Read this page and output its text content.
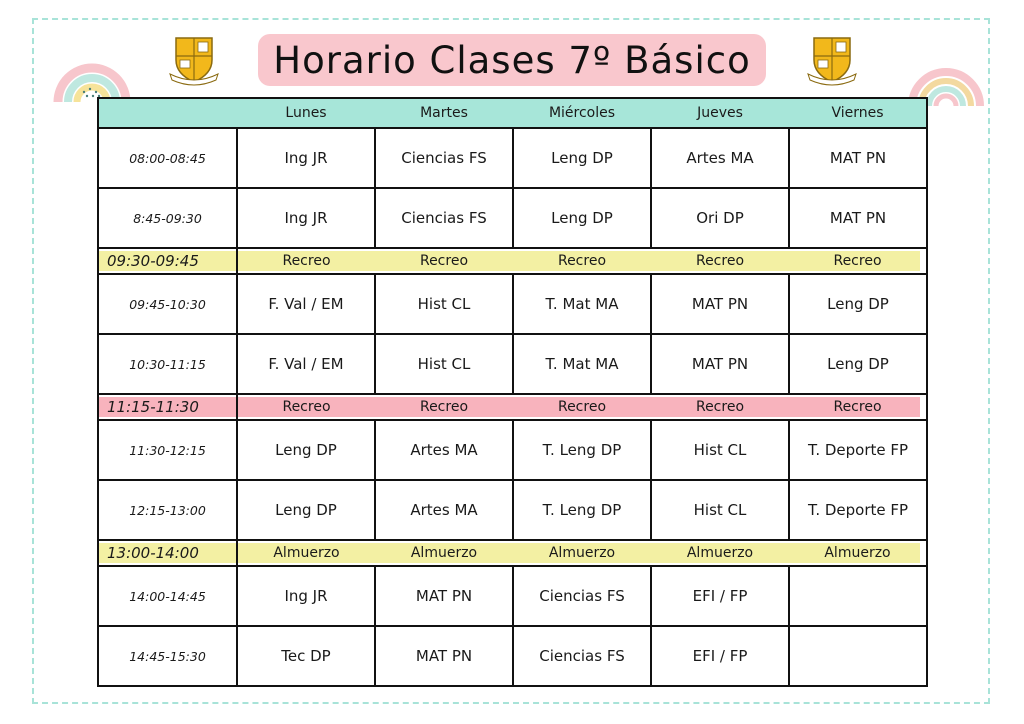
Horario Clases 7º Básico
	Lunes	Martes	Miércoles	Jueves	Viernes
08:00-08:45	Ing JR	Ciencias FS	Leng DP	Artes MA	MAT PN
8:45-09:30	Ing JR	Ciencias FS	Leng DP	Ori DP	MAT PN

09:30-09:45	Recreo	Recreo	Recreo	Recreo	Recreo
09:45-10:30	F. Val / EM	Hist CL	T. Mat MA	MAT PN	Leng DP
10:30-11:15	F. Val / EM	Hist CL	T. Mat MA	MAT PN	Leng DP

11:15-11:30	Recreo	Recreo	Recreo	Recreo	Recreo
11:30-12:15	Leng DP	Artes MA	T. Leng DP	Hist CL	T. Deporte FP
12:15-13:00	Leng DP	Artes MA	T. Leng DP	Hist CL	T. Deporte FP

13:00-14:00	Almuerzo	Almuerzo	Almuerzo	Almuerzo	Almuerzo
14:00-14:45	Ing JR	MAT PN	Ciencias FS	EFI / FP	
14:45-15:30	Tec DP	MAT PN	Ciencias FS	EFI / FP	
